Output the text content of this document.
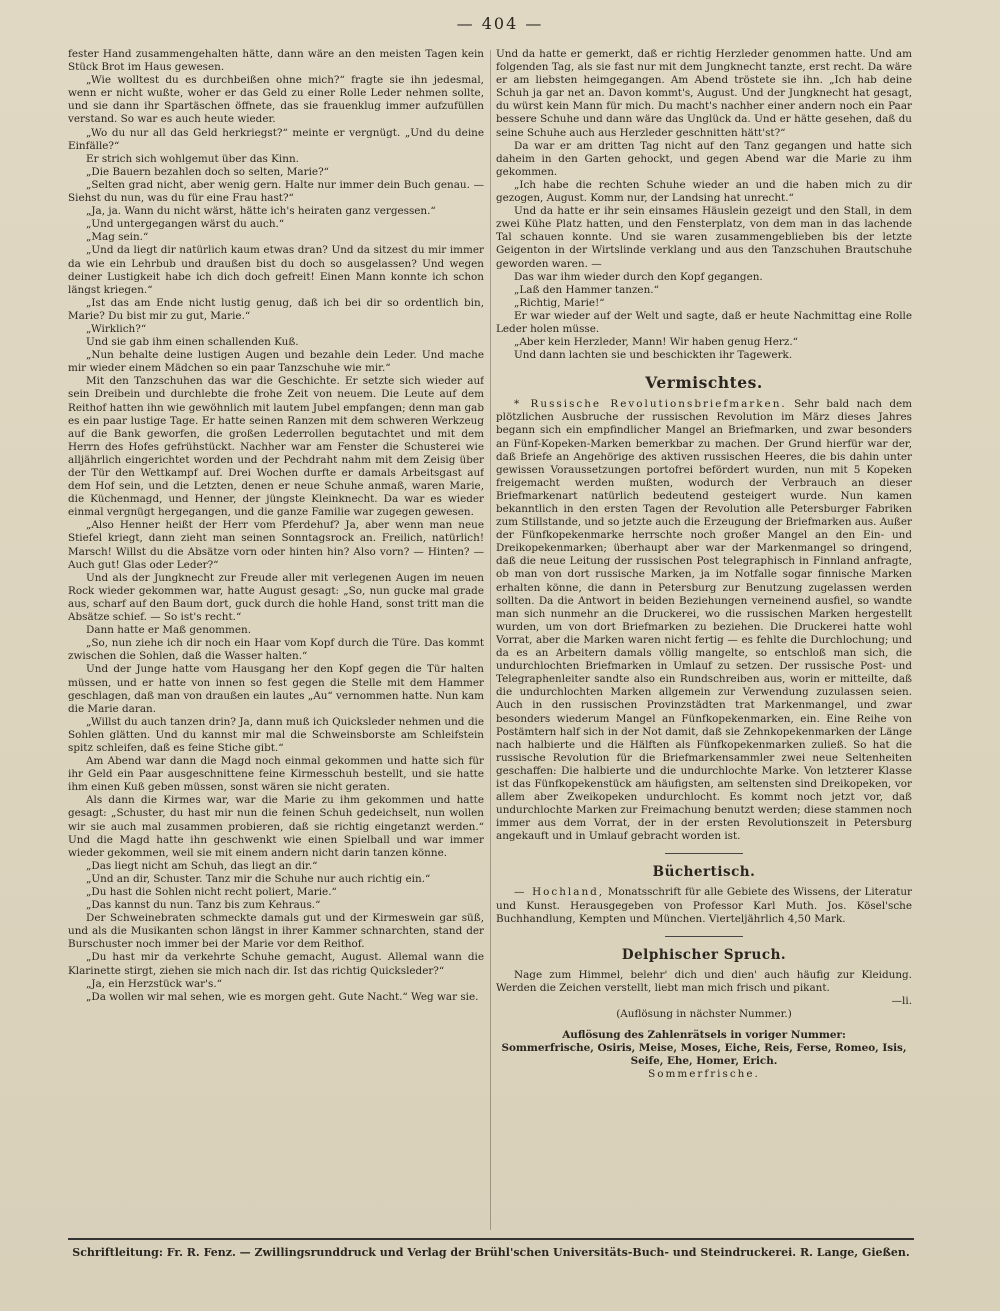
— 404 —

fester Hand zusammengehalten hätte, dann wäre an den meisten Tagen kein Stück Brot im Haus gewesen.

„Wie wolltest du es durchbeißen ohne mich?“ fragte sie ihn jedesmal, wenn er nicht wußte, woher er das Geld zu einer Rolle Leder nehmen sollte, und sie dann ihr Spartäschen öffnete, das sie frauenklug immer aufzufüllen verstand. So war es auch heute wieder.

„Wo du nur all das Geld herkriegst?“ meinte er vergnügt. „Und du deine Einfälle?“

Er strich sich wohlgemut über das Kinn.

„Die Bauern bezahlen doch so selten, Marie?“

„Selten grad nicht, aber wenig gern. Halte nur immer dein Buch genau. — Siehst du nun, was du für eine Frau hast?“

„Ja, ja. Wann du nicht wärst, hätte ich's heiraten ganz vergessen.“

„Und untergegangen wärst du auch.“

„Mag sein.“

„Und da liegt dir natürlich kaum etwas dran? Und da sitzest du mir immer da wie ein Lehrbub und draußen bist du doch so ausgelassen? Und wegen deiner Lustigkeit habe ich dich doch gefreit! Einen Mann konnte ich schon längst kriegen.“

„Ist das am Ende nicht lustig genug, daß ich bei dir so ordentlich bin, Marie? Du bist mir zu gut, Marie.“

„Wirklich?“

Und sie gab ihm einen schallenden Kuß.

„Nun behalte deine lustigen Augen und bezahle dein Leder. Und mache mir wieder einem Mädchen so ein paar Tanzschuhe wie mir.“

Mit den Tanzschuhen das war die Geschichte. Er setzte sich wieder auf sein Dreibein und durchlebte die frohe Zeit von neuem. Die Leute auf dem Reithof hatten ihn wie gewöhnlich mit lautem Jubel empfangen; denn man gab es ein paar lustige Tage. Er hatte seinen Ranzen mit dem schweren Werkzeug auf die Bank geworfen, die großen Lederrollen begutachtet und mit dem Herrn des Hofes gefrühstückt. Nachher war am Fenster die Schusterei wie alljährlich eingerichtet worden und der Pechdraht nahm mit dem Zeisig über der Tür den Wettkampf auf. Drei Wochen durfte er damals Arbeitsgast auf dem Hof sein, und die Letzten, denen er neue Schuhe anmaß, waren Marie, die Küchenmagd, und Henner, der jüngste Kleinknecht. Da war es wieder einmal vergnügt hergegangen, und die ganze Familie war zugegen gewesen.

„Also Henner heißt der Herr vom Pferdehuf? Ja, aber wenn man neue Stiefel kriegt, dann zieht man seinen Sonntagsrock an. Freilich, natürlich! Marsch! Willst du die Absätze vorn oder hinten hin? Also vorn? — Hinten? — Auch gut! Glas oder Leder?“

Und als der Jungknecht zur Freude aller mit verlegenen Augen im neuen Rock wieder gekommen war, hatte August gesagt: „So, nun gucke mal grade aus, scharf auf den Baum dort, guck durch die hohle Hand, sonst tritt man die Absätze schief. — So ist's recht.“

Dann hatte er Maß genommen.

„So, nun ziehe ich dir noch ein Haar vom Kopf durch die Türe. Das kommt zwischen die Sohlen, daß die Wasser halten.“

Und der Junge hatte vom Hausgang her den Kopf gegen die Tür halten müssen, und er hatte von innen so fest gegen die Stelle mit dem Hammer geschlagen, daß man von draußen ein lautes „Au“ vernommen hatte. Nun kam die Marie daran.

„Willst du auch tanzen drin? Ja, dann muß ich Quicksleder nehmen und die Sohlen glätten. Und du kannst mir mal die Schweinsborste am Schleifstein spitz schleifen, daß es feine Stiche gibt.“

Am Abend war dann die Magd noch einmal gekommen und hatte sich für ihr Geld ein Paar ausgeschnittene feine Kirmesschuh bestellt, und sie hatte ihm einen Kuß geben müssen, sonst wären sie nicht geraten.

Als dann die Kirmes war, war die Marie zu ihm gekommen und hatte gesagt: „Schuster, du hast mir nun die feinen Schuh gedeichselt, nun wollen wir sie auch mal zusammen probieren, daß sie richtig eingetanzt werden.“ Und die Magd hatte ihn geschwenkt wie einen Spielball und war immer wieder gekommen, weil sie mit einem andern nicht darin tanzen könne.

„Das liegt nicht am Schuh, das liegt an dir.“

„Und an dir, Schuster. Tanz mir die Schuhe nur auch richtig ein.“

„Du hast die Sohlen nicht recht poliert, Marie.“

„Das kannst du nun. Tanz bis zum Kehraus.“

Der Schweinebraten schmeckte damals gut und der Kirmeswein gar süß, und als die Musikanten schon längst in ihrer Kammer schnarchten, stand der Burschuster noch immer bei der Marie vor dem Reithof.

„Du hast mir da verkehrte Schuhe gemacht, August. Allemal wann die Klarinette stirgt, ziehen sie mich nach dir. Ist das richtig Quicksleder?“

„Ja, ein Herzstück war's.“

„Da wollen wir mal sehen, wie es morgen geht. Gute Nacht.“ Weg war sie.

Und da hatte er gemerkt, daß er richtig Herzleder genommen hatte. Und am folgenden Tag, als sie fast nur mit dem Jungknecht tanzte, erst recht. Da wäre er am liebsten heimgegangen. Am Abend tröstete sie ihn. „Ich hab deine Schuh ja gar net an. Davon kommt's, August. Und der Jungknecht hat gesagt, du würst kein Mann für mich. Du macht's nachher einer andern noch ein Paar bessere Schuhe und dann wäre das Unglück da. Und er hätte gesehen, daß du seine Schuhe auch aus Herzleder geschnitten hätt'st?“

Da war er am dritten Tag nicht auf den Tanz gegangen und hatte sich daheim in den Garten gehockt, und gegen Abend war die Marie zu ihm gekommen.

„Ich habe die rechten Schuhe wieder an und die haben mich zu dir gezogen, August. Komm nur, der Landsing hat unrecht.“

Und da hatte er ihr sein einsames Häuslein gezeigt und den Stall, in dem zwei Kühe Platz hatten, und den Fensterplatz, von dem man in das lachende Tal schauen konnte. Und sie waren zusammengeblieben bis der letzte Geigenton in der Wirtslinde verklang und aus den Tanzschuhen Brautschuhe geworden waren. —

Das war ihm wieder durch den Kopf gegangen.

„Laß den Hammer tanzen.“

„Richtig, Marie!“

Er war wieder auf der Welt und sagte, daß er heute Nachmittag eine Rolle Leder holen müsse.

„Aber kein Herzleder, Mann! Wir haben genug Herz.“

Und dann lachten sie und beschickten ihr Tagewerk.

Vermischtes.

* Russische Revolutionsbriefmarken. Sehr bald nach dem plötzlichen Ausbruche der russischen Revolution im März dieses Jahres begann sich ein empfindlicher Mangel an Briefmarken, und zwar besonders an Fünf-Kopeken-Marken bemerkbar zu machen. Der Grund hierfür war der, daß Briefe an Angehörige des aktiven russischen Heeres, die bis dahin unter gewissen Voraussetzungen portofrei befördert wurden, nun mit 5 Kopeken freigemacht werden mußten, wodurch der Verbrauch an dieser Briefmarkenart natürlich bedeutend gesteigert wurde. Nun kamen bekanntlich in den ersten Tagen der Revolution alle Petersburger Fabriken zum Stillstande, und so jetzte auch die Erzeugung der Briefmarken aus. Außer der Fünfkopekenmarke herrschte noch großer Mangel an den Ein- und Dreikopekenmarken; überhaupt aber war der Markenmangel so dringend, daß die neue Leitung der russischen Post telegraphisch in Finnland anfragte, ob man von dort russische Marken, ja im Notfalle sogar finnische Marken erhalten könne, die dann in Petersburg zur Benutzung zugelassen werden sollten. Da die Antwort in beiden Beziehungen verneinend ausfiel, so wandte man sich nunmehr an die Druckerei, wo die russischen Marken hergestellt wurden, um von dort Briefmarken zu beziehen. Die Druckerei hatte wohl Vorrat, aber die Marken waren nicht fertig — es fehlte die Durchlochung; und da es an Arbeitern damals völlig mangelte, so entschloß man sich, die undurchlochten Briefmarken in Umlauf zu setzen. Der russische Post- und Telegraphenleiter sandte also ein Rundschreiben aus, worin er mitteilte, daß die undurchlochten Marken allgemein zur Verwendung zuzulassen seien. Auch in den russischen Provinzstädten trat Markenmangel, und zwar besonders wiederum Mangel an Fünfkopekenmarken, ein. Eine Reihe von Postämtern half sich in der Not damit, daß sie Zehnkopekenmarken der Länge nach halbierte und die Hälften als Fünfkopekenmarken zuließ. So hat die russische Revolution für die Briefmarkensammler zwei neue Seltenheiten geschaffen: Die halbierte und die undurchlochte Marke. Von letzterer Klasse ist das Fünfkopekenstück am häufigsten, am seltensten sind Dreikopeken, vor allem aber Zweikopeken undurchlocht. Es kommt noch jetzt vor, daß undurchlochte Marken zur Freimachung benutzt werden; diese stammen noch immer aus dem Vorrat, der in der ersten Revolutionszeit in Petersburg angekauft und in Umlauf gebracht worden ist.

Büchertisch.

— Hochland, Monatsschrift für alle Gebiete des Wissens, der Literatur und Kunst. Herausgegeben von Professor Karl Muth. Jos. Kösel'sche Buchhandlung, Kempten und München. Vierteljährlich 4,50 Mark.

Delphischer Spruch.

Nage zum Himmel, belehr' dich und dien' auch häufig zur Kleidung. Werden die Zeichen verstellt, liebt man mich frisch und pikant.

—li.

(Auflösung in nächster Nummer.)

Auflösung des Zahlenrätsels in voriger Nummer:

Sommerfrische, Osiris, Meise, Moses, Eiche, Reis, Ferse, Romeo, Isis,

Seife, Ehe, Homer, Erich.

Sommerfrische.

Schriftleitung: Fr. R. Fenz. — Zwillingsrunddruck und Verlag der Brühl'schen Universitäts-Buch- und Steindruckerei. R. Lange, Gießen.
